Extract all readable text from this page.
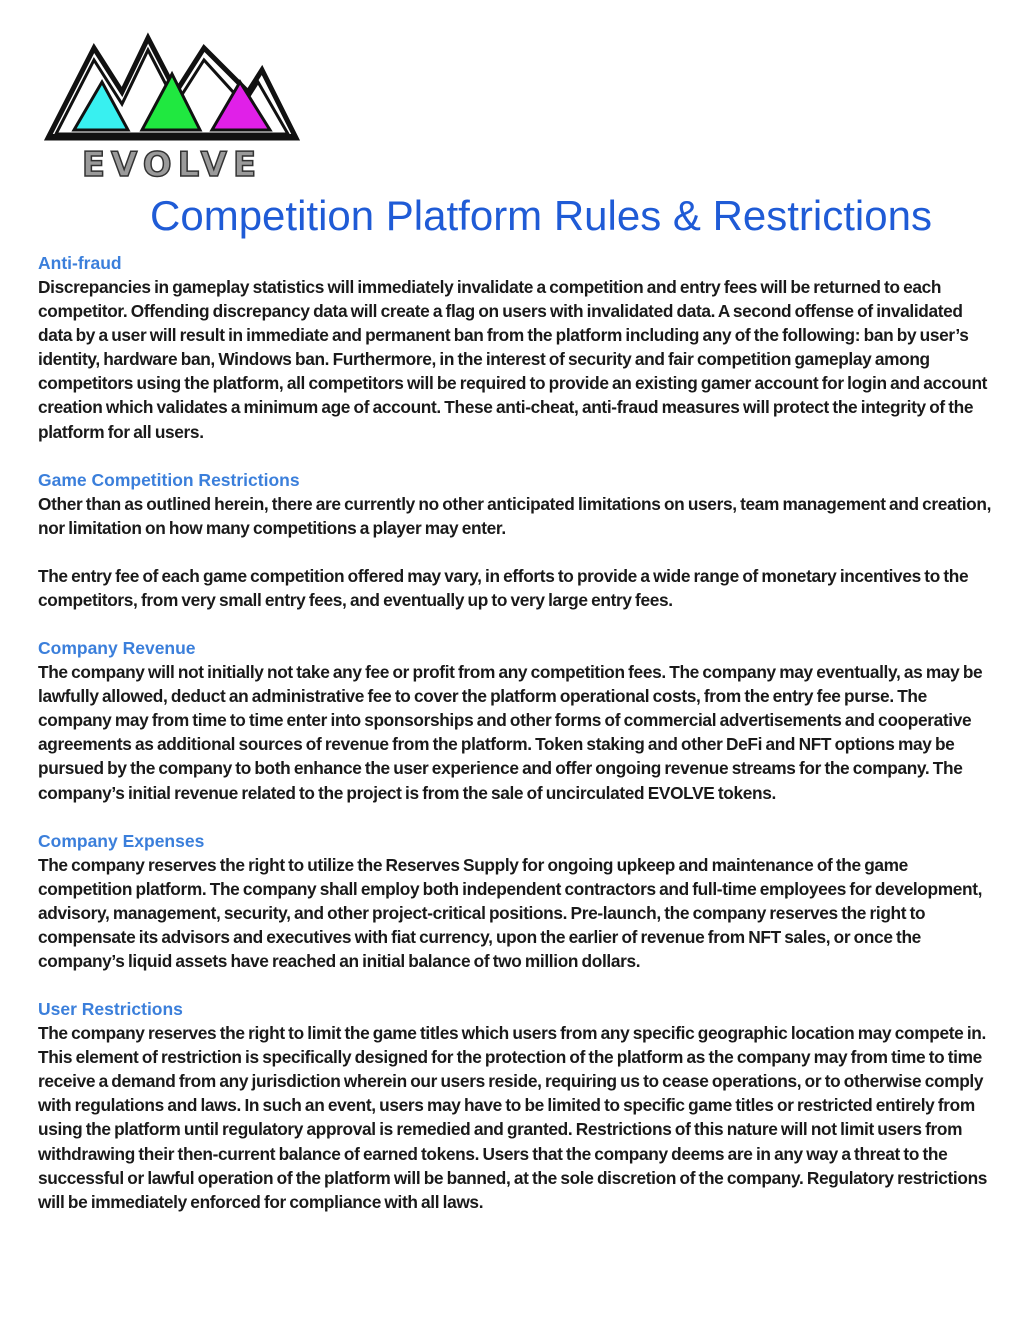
EVOLVE
Competition Platform Rules & Restrictions

Anti-fraud

Discrepancies in gameplay statistics will immediately invalidate a competition and entry fees will be returned to each competitor. Offending discrepancy data will create a flag on users with invalidated data. A second offense of invalidated data by a user will result in immediate and permanent ban from the platform including any of the following: ban by user’s identity, hardware ban, Windows ban. Furthermore, in the interest of security and fair competition gameplay among competitors using the platform, all competitors will be required to provide an existing gamer account for login and account creation which validates a minimum age of account. These anti-cheat, anti-fraud measures will protect the integrity of the platform for all users.

Game Competition Restrictions

Other than as outlined herein, there are currently no other anticipated limitations on users, team management and creation, nor limitation on how many competitions a player may enter.

The entry fee of each game competition offered may vary, in efforts to provide a wide range of monetary incentives to the competitors, from very small entry fees, and eventually up to very large entry fees.

Company Revenue

The company will not initially not take any fee or profit from any competition fees. The company may eventually, as may be lawfully allowed, deduct an administrative fee to cover the platform operational costs, from the entry fee purse. The company may from time to time enter into sponsorships and other forms of commercial advertisements and cooperative agreements as additional sources of revenue from the platform. Token staking and other DeFi and NFT options may be pursued by the company to both enhance the user experience and offer ongoing revenue streams for the company. The company’s initial revenue related to the project is from the sale of uncirculated EVOLVE tokens.

Company Expenses

The company reserves the right to utilize the Reserves Supply for ongoing upkeep and maintenance of the game competition platform. The company shall employ both independent contractors and full-time employees for development, advisory, management, security, and other project-critical positions. Pre-launch, the company reserves the right to compensate its advisors and executives with fiat currency, upon the earlier of revenue from NFT sales, or once the company’s liquid assets have reached an initial balance of two million dollars.

User Restrictions

The company reserves the right to limit the game titles which users from any specific geographic location may compete in. This element of restriction is specifically designed for the protection of the platform as the company may from time to time receive a demand from any jurisdiction wherein our users reside, requiring us to cease operations, or to otherwise comply with regulations and laws. In such an event, users may have to be limited to specific game titles or restricted entirely from using the platform until regulatory approval is remedied and granted. Restrictions of this nature will not limit users from withdrawing their then-current balance of earned tokens. Users that the company deems are in any way a threat to the successful or lawful operation of the platform will be banned, at the sole discretion of the company. Regulatory restrictions will be immediately enforced for compliance with all laws.
